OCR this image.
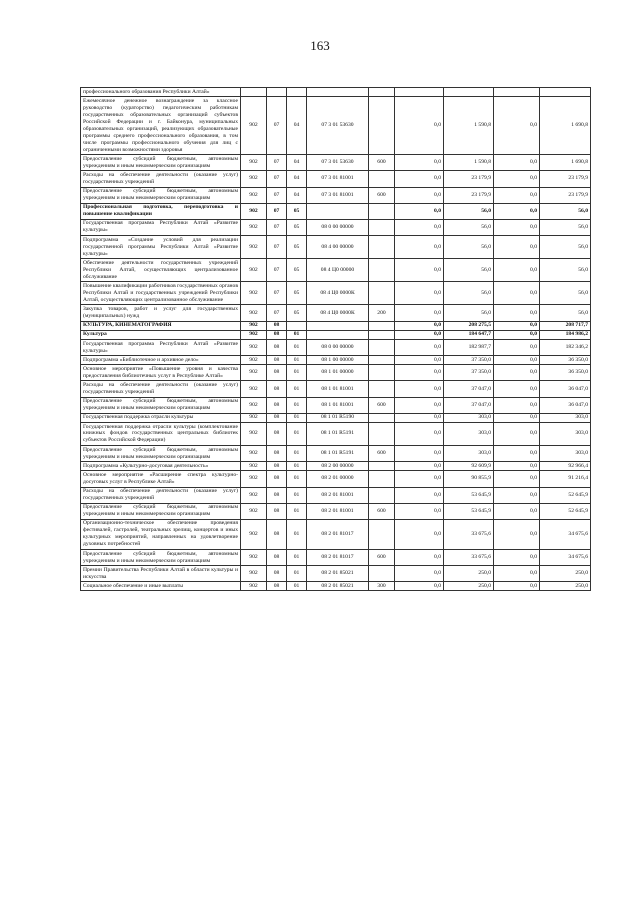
163
профессионального образования Республики Алтай»									
Ежемесячное денежное вознаграждение за классное руководство (кураторство) педагогическим работникам государственных образовательных организаций субъектов Российской Федерации и г. Байконура, муниципальных образовательных организаций, реализующих образовательные программы среднего профессионального образования, в том числе программы профессионального обучения для лиц с ограниченными возможностями здоровья	902	07	04	07 3 01 53630		0,0	1 590,8	0,0	1 690,8
Предоставление субсидий бюджетным, автономным учреждениям и иным некоммерческим организациям	902	07	04	07 3 01 53630	600	0,0	1 590,8	0,0	1 690,8
Расходы на обеспечение деятельности (оказание услуг) государственных учреждений	902	07	04	07 3 01 81001		0,0	23 179,9	0,0	23 179,9
Предоставление субсидий бюджетным, автономным учреждениям и иным некоммерческим организациям	902	07	04	07 3 01 81001	600	0,0	23 179,9	0,0	23 179,9
Профессиональная подготовка, переподготовка и повышение квалификации	902	07	05			0,0	56,0	0,0	56,0
Государственная программа Республики Алтай «Развитие культуры»	902	07	05	08 0 00 00000		0,0	56,0	0,0	56,0
Подпрограмма «Создание условий для реализации государственной программы Республики Алтай «Развитие культуры»	902	07	05	08 4 00 00000		0,0	56,0	0,0	56,0
Обеспечение деятельности государственных учреждений Республики Алтай, осуществляющих централизованное обслуживание	902	07	05	08 4 Ц0 00000		0,0	56,0	0,0	56,0
Повышение квалификации работников государственных органов Республики Алтай и государственных учреждений Республики Алтай, осуществляющих централизованное обслуживание	902	07	05	08 4 Ц0 0000К		0,0	56,0	0,0	56,0
Закупка товаров, работ и услуг для государственных (муниципальных) нужд	902	07	05	08 4 Ц0 0000К	200	0,0	56,0	0,0	56,0
КУЛЬТУРА, КИНЕМАТОГРАФИЯ	902	08				0,0	208 275,5	0,0	208 717,7
Культура	902	08	01			0,0	184 647,7	0,0	184 986,2
Государственная программа Республики Алтай «Развитие культуры»	902	08	01	08 0 00 00000		0,0	182 987,7	0,0	182 346,2
Подпрограмма «Библиотечное и архивное дело»	902	08	01	08 1 00 00000		0,0	37 350,0	0,0	36 350,0
Основное мероприятие «Повышение уровня и качества предоставления библиотечных услуг в Республике Алтай»	902	08	01	08 1 01 00000		0,0	37 350,0	0,0	36 350,0
Расходы на обеспечение деятельности (оказание услуг) государственных учреждений	902	08	01	08 1 01 81001		0,0	37 047,0	0,0	36 047,0
Предоставление субсидий бюджетным, автономным учреждениям и иным некоммерческим организациям	902	08	01	08 1 01 81001	600	0,0	37 047,0	0,0	36 047,0
Государственная поддержка отрасли культуры	902	08	01	08 1 01 R5190		0,0	303,0	0,0	303,0
Государственная поддержка отрасли культуры (комплектование книжных фондов государственных центральных библиотек субъектов Российской Федерации)	902	08	01	08 1 01 R5191		0,0	303,0	0,0	303,0
Предоставление субсидий бюджетным, автономным учреждениям и иным некоммерческим организациям	902	08	01	08 1 01 R5191	600	0,0	303,0	0,0	303,0
Подпрограмма «Культурно-досуговая деятельность»	902	08	01	08 2 00 00000		0,0	92 609,9	0,0	92 966,4
Основное мероприятие «Расширение спектра культурно-досуговых услуг в Республике Алтай»	902	08	01	08 2 01 00000		0,0	90 855,9	0,0	91 216,4
Расходы на обеспечение деятельности (оказание услуг) государственных учреждений	902	08	01	08 2 01 81001		0,0	53 645,9	0,0	52 645,9
Предоставление субсидий бюджетным, автономным учреждениям и иным некоммерческим организациям	902	08	01	08 2 01 81001	600	0,0	53 645,9	0,0	52 645,9
Организационно-техническое обеспечение проведения фестивалей, гастролей, театральных зрелищ, концертов и иных культурных мероприятий, направленных на удовлетворение духовных потребностей	902	08	01	08 2 01 81017		0,0	33 675,6	0,0	34 675,6
Предоставление субсидий бюджетным, автономным учреждениям и иным некоммерческим организациям	902	08	01	08 2 01 81017	600	0,0	33 675,6	0,0	34 675,6
Премии Правительства Республики Алтай в области культуры и искусства	902	08	01	08 2 01 85021		0,0	250,0	0,0	250,0
Социальное обеспечение и иные выплаты	902	08	01	08 2 01 85021	300	0,0	250,0	0,0	250,0
